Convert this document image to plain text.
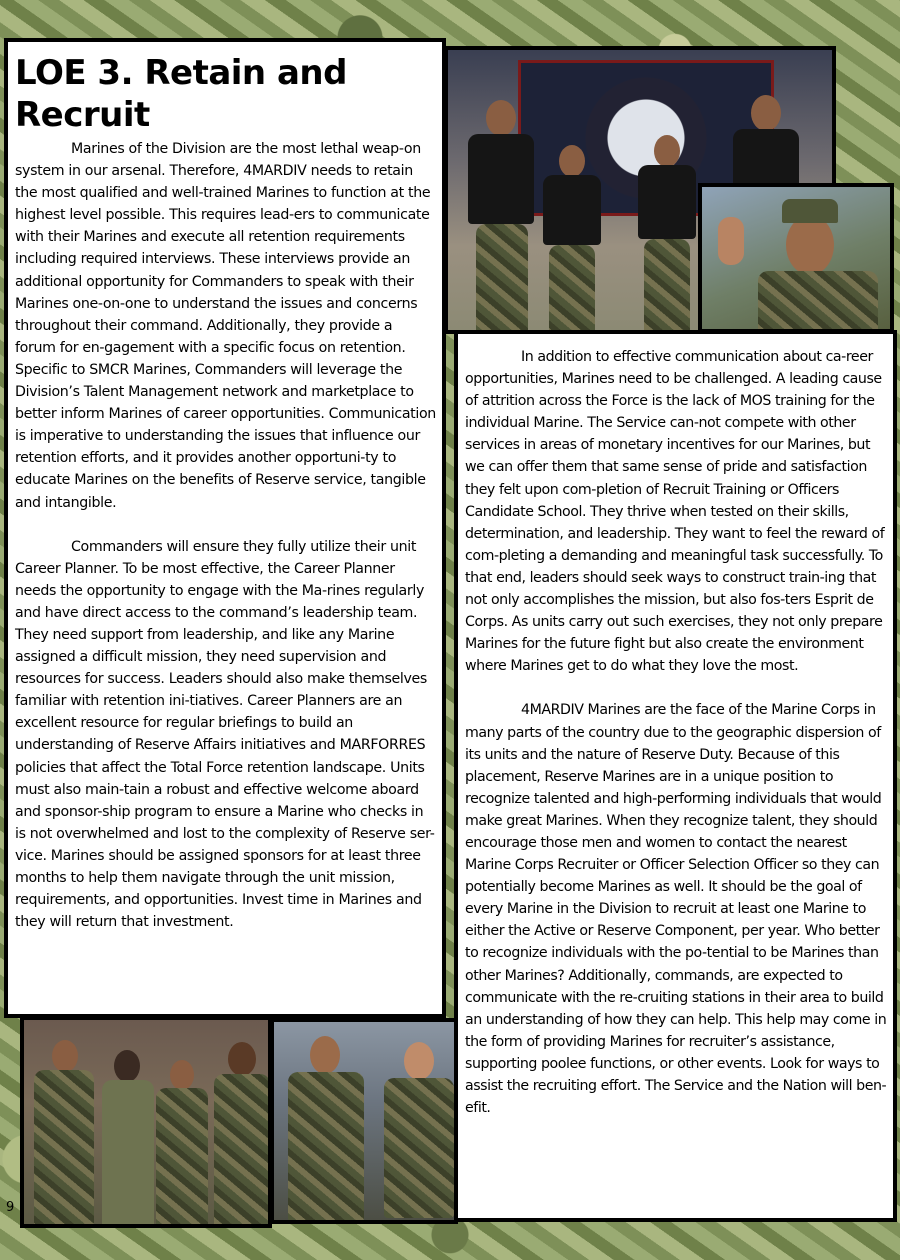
LOE 3. Retain and
Recruit

Marines of the Division are the most lethal weap-on system in our arsenal. Therefore, 4MARDIV needs to retain the most qualified and well-trained Marines to function at the highest level possible. This requires lead-ers to communicate with their Marines and execute all retention requirements including required interviews. These interviews provide an additional opportunity for Commanders to speak with their Marines one-on-one to understand the issues and concerns throughout their command. Additionally, they provide a forum for en-gagement with a specific focus on retention. Specific to SMCR Marines, Commanders will leverage the Division’s Talent Management network and marketplace to better inform Marines of career opportunities. Communication is imperative to understanding the issues that influence our retention efforts, and it provides another opportuni-ty to educate Marines on the benefits of Reserve service, tangible and intangible.

Commanders will ensure they fully utilize their unit Career Planner. To be most effective, the Career Planner needs the opportunity to engage with the Ma-rines regularly and have direct access to the command’s leadership team. They need support from leadership, and like any Marine assigned a difficult mission, they need supervision and resources for success. Leaders should also make themselves familiar with retention ini-tiatives. Career Planners are an excellent resource for regular briefings to build an understanding of Reserve Affairs initiatives and MARFORRES policies that affect the Total Force retention landscape. Units must also main-tain a robust and effective welcome aboard and sponsor-ship program to ensure a Marine who checks in is not overwhelmed and lost to the complexity of Reserve ser-vice. Marines should be assigned sponsors for at least three months to help them navigate through the unit mission, requirements, and opportunities. Invest time in Marines and they will return that investment.

In addition to effective communication about ca-reer opportunities, Marines need to be challenged. A leading cause of attrition across the Force is the lack of MOS training for the individual Marine. The Service can-not compete with other services in areas of monetary incentives for our Marines, but we can offer them that same sense of pride and satisfaction they felt upon com-pletion of Recruit Training or Officers Candidate School. They thrive when tested on their skills, determination, and leadership. They want to feel the reward of com-pleting a demanding and meaningful task successfully. To that end, leaders should seek ways to construct train-ing that not only accomplishes the mission, but also fos-ters Esprit de Corps. As units carry out such exercises, they not only prepare Marines for the future fight but also create the environment where Marines get to do what they love the most.

4MARDIV Marines are the face of the Marine Corps in many parts of the country due to the geographic dispersion of its units and the nature of Reserve Duty. Because of this placement, Reserve Marines are in a unique position to recognize talented and high-performing individuals that would make great Marines. When they recognize talent, they should encourage those men and women to contact the nearest Marine Corps Recruiter or Officer Selection Officer so they can potentially become Marines as well. It should be the goal of every Marine in the Division to recruit at least one Marine to either the Active or Reserve Component, per year. Who better to recognize individuals with the po-tential to be Marines than other Marines? Additionally, commands, are expected to communicate with the re-cruiting stations in their area to build an understanding of how they can help. This help may come in the form of providing Marines for recruiter’s assistance, supporting poolee functions, or other events. Look for ways to assist the recruiting effort. The Service and the Nation will ben-efit.

9
